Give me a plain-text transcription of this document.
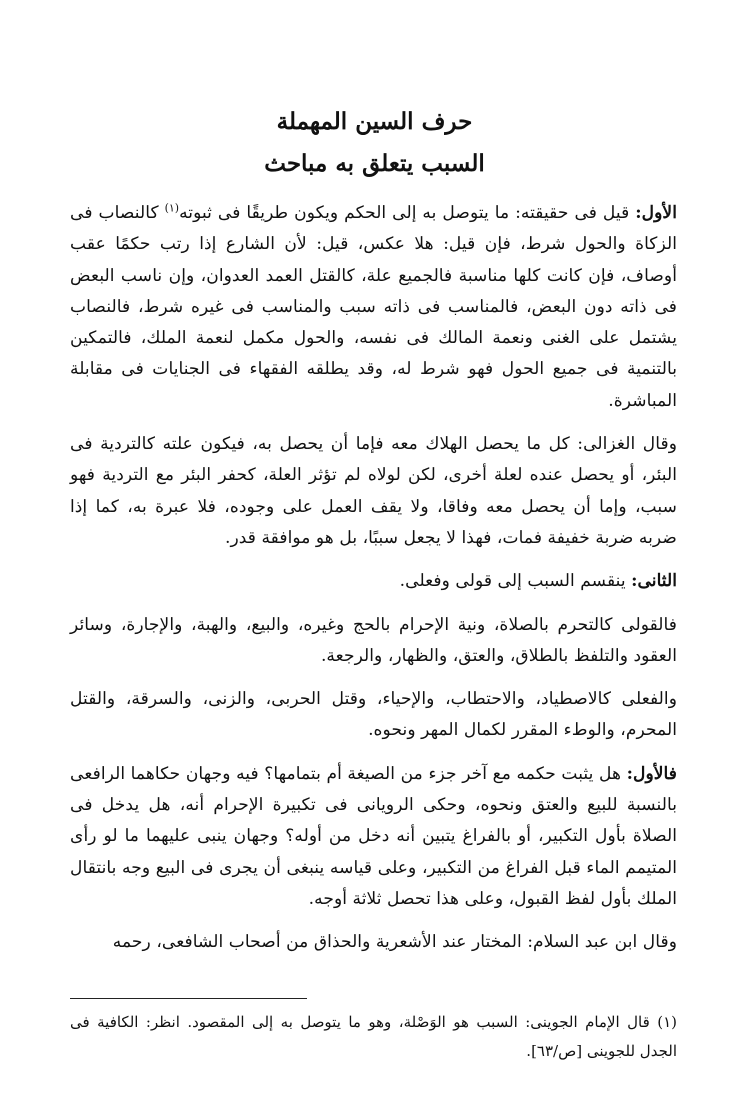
حرف السين المهملة
السبب يتعلق به مباحث

الأول: قيل فى حقيقته: ما يتوصل به إلى الحكم ويكون طريقًا فى ثبوته$^{(١)}$ كالنصاب فى الزكاة والحول شرط، فإن قيل: هلا عكس، قيل: لأن الشارع إذا رتب حكمًا عقب أوصاف، فإن كانت كلها مناسبة فالجميع علة، كالقتل العمد العدوان، وإن ناسب البعض فى ذاته دون البعض، فالمناسب فى ذاته سبب والمناسب فى غيره شرط، فالنصاب يشتمل على الغنى ونعمة المالك فى نفسه، والحول مكمل لنعمة الملك، فالتمكين بالتنمية فى جميع الحول فهو شرط له، وقد يطلقه الفقهاء فى الجنايات فى مقابلة المباشرة.

وقال الغزالى: كل ما يحصل الهلاك معه فإما أن يحصل به، فيكون علته كالتردية فى البئر، أو يحصل عنده لعلة أخرى، لكن لولاه لم تؤثر العلة، كحفر البئر مع التردية فهو سبب، وإما أن يحصل معه وفاقا، ولا يقف العمل على وجوده، فلا عبرة به، كما إذا ضربه ضربة خفيفة فمات، فهذا لا يجعل سببًا، بل هو موافقة قدر.

الثانى: ينقسم السبب إلى قولى وفعلى.

فالقولى كالتحرم بالصلاة، ونية الإحرام بالحج وغيره، والبيع، والهبة، والإجارة، وسائر العقود والتلفظ بالطلاق، والعتق، والظهار، والرجعة.

والفعلى كالاصطياد، والاحتطاب، والإحياء، وقتل الحربى، والزنى، والسرقة، والقتل المحرم، والوطء المقرر لكمال المهر ونحوه.

فالأول: هل يثبت حكمه مع آخر جزء من الصيغة أم بتمامها؟ فيه وجهان حكاهما الرافعى بالنسبة للبيع والعتق ونحوه، وحكى الرويانى فى تكبيرة الإحرام أنه، هل يدخل فى الصلاة بأول التكبير، أو بالفراغ يتبين أنه دخل من أوله؟ وجهان ينبى عليهما ما لو رأى المتيمم الماء قبل الفراغ من التكبير، وعلى قياسه ينبغى أن يجرى فى البيع وجه بانتقال الملك بأول لفظ القبول، وعلى هذا تحصل ثلاثة أوجه.

وقال ابن عبد السلام: المختار عند الأشعرية والحذاق من أصحاب الشافعى، رحمه

(١) قال الإمام الجوينى: السبب هو الوَصْلة، وهو ما يتوصل به إلى المقصود. انظر: الكافية فى الجدل للجوينى [ص/٦٣].
